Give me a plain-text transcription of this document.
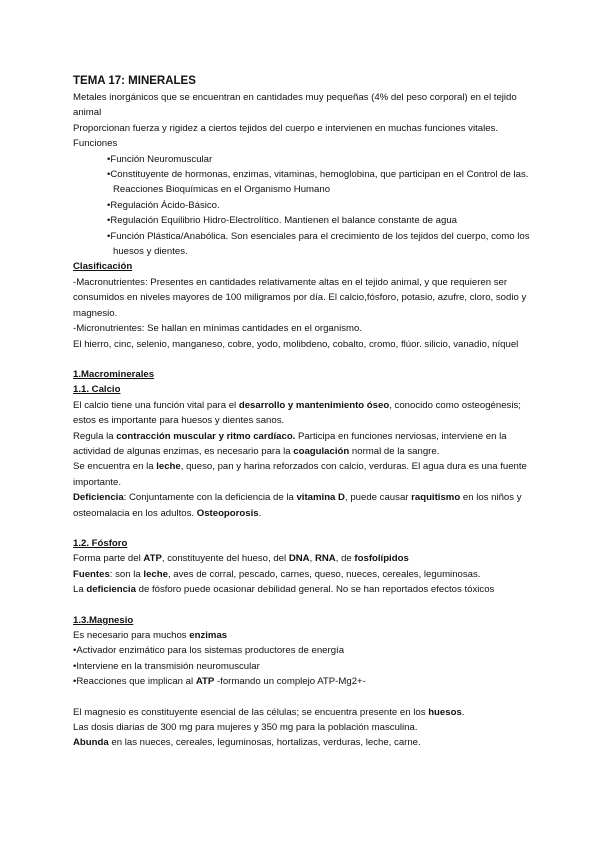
TEMA 17: MINERALES

Metales inorgánicos que se encuentran en cantidades muy pequeñas (4% del peso corporal) en el tejido animal

Proporcionan fuerza y rigidez a ciertos tejidos del cuerpo e intervienen en muchas funciones vitales.

Funciones

• Función Neuromuscular
• Constituyente de hormonas, enzimas, vitaminas, hemoglobina, que participan en el Control de las. Reacciones Bioquímicas en el Organismo Humano
• Regulación Ácido-Básico.
• Regulación Equilibrio Hidro-Electrolítico. Mantienen el balance constante de agua
• Función Plástica/Anabólica. Son esenciales para el crecimiento de los tejidos del cuerpo, como los huesos y dientes.

Clasificación

-Macronutrientes: Presentes en cantidades relativamente altas en el tejido animal, y que requieren ser consumidos en niveles mayores de 100 miligramos por día. El calcio,fósforo, potasio, azufre, cloro, sodio y magnesio.

-Micronutrientes: Se hallan en mínimas cantidades en el organismo.

El hierro, cinc, selenio, manganeso, cobre, yodo, molibdeno, cobalto, cromo, flúor. silicio, vanadio, níquel

1.Macrominerales

1.1. Calcio

El calcio tiene una función vital para el desarrollo y mantenimiento óseo, conocido como osteogénesis; estos es importante para huesos y dientes sanos.

Regula la contracción muscular y ritmo cardíaco. Participa en funciones nerviosas, interviene en la actividad de algunas enzimas, es necesario para la coagulación normal de la sangre.

Se encuentra en la leche, queso, pan y harina reforzados con calcio, verduras. El agua dura es una fuente importante.

Deficiencia: Conjuntamente con la deficiencia de la vitamina D, puede causar raquitismo en los niños y osteomalacia en los adultos. Osteoporosis.

1.2. Fósforo

Forma parte del ATP, constituyente del hueso, del DNA, RNA, de fosfolípidos

Fuentes: son la leche, aves de corral, pescado, carnes, queso, nueces, cereales, leguminosas.

La deficiencia de fósforo puede ocasionar debilidad general. No se han reportados efectos tóxicos

1.3.Magnesio

Es necesario para muchos enzimas

• Activador enzimático para los sistemas productores de energía
• Interviene en la transmisión neuromuscular
• Reacciones que implican al ATP -formando un complejo ATP-Mg2+-

El magnesio es constituyente esencial de las células; se encuentra presente en los huesos.

Las dosis diarias de 300 mg para mujeres y 350 mg para la población masculina.

Abunda en las nueces, cereales, leguminosas, hortalizas, verduras, leche, carne.
